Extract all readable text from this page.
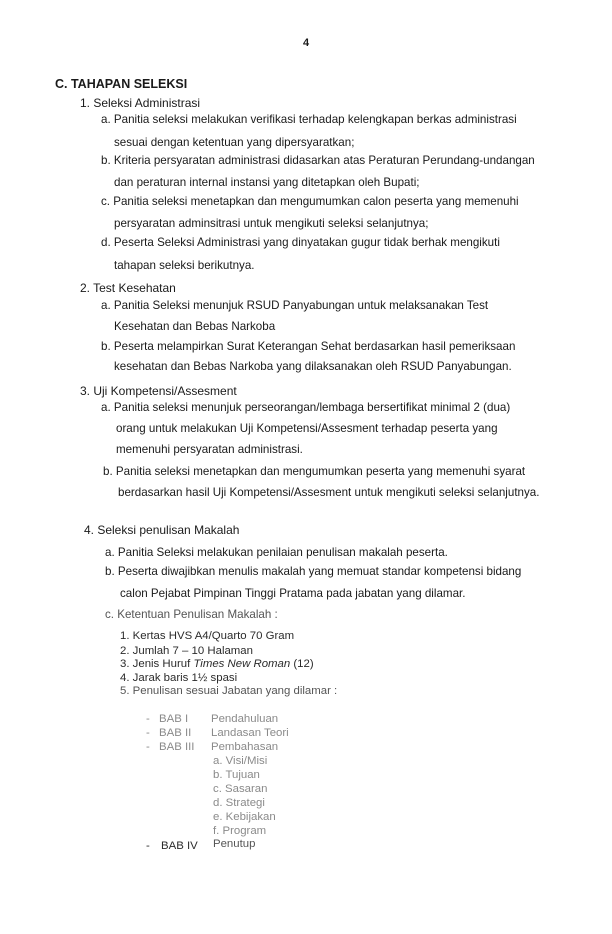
4
C. TAHAPAN SELEKSI
1. Seleksi Administrasi
a. Panitia seleksi melakukan verifikasi terhadap kelengkapan berkas administrasi
sesuai dengan ketentuan yang dipersyaratkan;
b. Kriteria persyaratan administrasi didasarkan atas Peraturan Perundang-undangan
dan peraturan internal instansi yang ditetapkan oleh Bupati;
c. Panitia seleksi menetapkan dan mengumumkan calon peserta yang memenuhi
persyaratan adminsitrasi untuk mengikuti seleksi selanjutnya;
d. Peserta Seleksi Administrasi yang dinyatakan gugur tidak berhak mengikuti
tahapan seleksi berikutnya.
2. Test Kesehatan
a. Panitia Seleksi menunjuk RSUD Panyabungan untuk melaksanakan Test
Kesehatan dan Bebas Narkoba
b. Peserta melampirkan Surat Keterangan Sehat berdasarkan hasil pemeriksaan
kesehatan dan Bebas Narkoba yang dilaksanakan oleh RSUD Panyabungan.
3. Uji Kompetensi/Assesment
a. Panitia seleksi menunjuk perseorangan/lembaga bersertifikat minimal 2 (dua)
orang untuk melakukan Uji Kompetensi/Assesment terhadap peserta yang
memenuhi persyaratan administrasi.
b. Panitia seleksi menetapkan dan mengumumkan peserta yang memenuhi syarat
berdasarkan hasil Uji Kompetensi/Assesment untuk mengikuti seleksi selanjutnya.
4. Seleksi penulisan Makalah
a. Panitia Seleksi melakukan penilaian penulisan makalah peserta.
b. Peserta diwajibkan menulis makalah yang memuat standar kompetensi bidang
calon Pejabat Pimpinan Tinggi Pratama pada jabatan yang dilamar.
c. Ketentuan Penulisan Makalah :
1. Kertas HVS A4/Quarto 70 Gram
2. Jumlah 7 – 10 Halaman
3. Jenis Huruf Times New Roman (12)
4. Jarak baris 1½ spasi
5. Penulisan sesuai Jabatan yang dilamar :
- BAB I Pendahuluan
- BAB II Landasan Teori
- BAB III Pembahasan
a. Visi/Misi
b. Tujuan
c. Sasaran
d. Strategi
e. Kebijakan
f. Program
- BAB IV Penutup
